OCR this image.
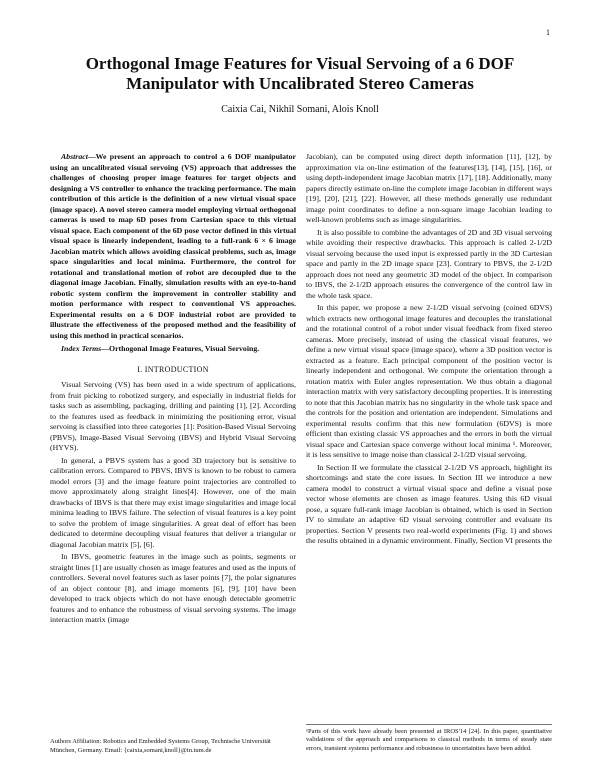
1
Orthogonal Image Features for Visual Servoing of a 6 DOF Manipulator with Uncalibrated Stereo Cameras
Caixia Cai, Nikhil Somani, Alois Knoll

Abstract—We present an approach to control a 6 DOF manipulator using an uncalibrated visual servoing (VS) approach that addresses the challenges of choosing proper image features for target objects and designing a VS controller to enhance the tracking performance. The main contribution of this article is the definition of a new virtual visual space (image space). A novel stereo camera model employing virtual orthogonal cameras is used to map 6D poses from Cartesian space to this virtual visual space. Each component of the 6D pose vector defined in this virtual visual space is linearly independent, leading to a full-rank 6 × 6 image Jacobian matrix which allows avoiding classical problems, such as, image space singularities and local minima. Furthermore, the control for rotational and translational motion of robot are decoupled due to the diagonal image Jacobian. Finally, simulation results with an eye-to-hand robotic system confirm the improvement in controller stability and motion performance with respect to conventional VS approaches. Experimental results on a 6 DOF industrial robot are provided to illustrate the effectiveness of the proposed method and the feasibility of using this method in practical scenarios.

Index Terms—Orthogonal Image Features, Visual Servoing.

I. INTRODUCTION

Visual Servoing (VS) has been used in a wide spectrum of applications, from fruit picking to robotized surgery, and especially in industrial fields for tasks such as assembling, packaging, drilling and painting [1], [2]. According to the features used as feedback in minimizing the positioning error, visual servoing is classified into three categories [1]: Position-Based Visual Servoing (PBVS), Image-Based Visual Servoing (IBVS) and Hybrid Visual Servoing (HYVS).

In general, a PBVS system has a good 3D trajectory but is sensitive to calibration errors. Compared to PBVS, IBVS is known to be robust to camera model errors [3] and the image feature point trajectories are controlled to move approximately along straight lines[4]. However, one of the main drawbacks of IBVS is that there may exist image singularities and image local minima leading to IBVS failure. The selection of visual features is a key point to solve the problem of image singularities. A great deal of effort has been dedicated to determine decoupling visual features that deliver a triangular or diagonal Jacobian matrix [5], [6].

In IBVS, geometric features in the image such as points, segments or straight lines [1] are usually chosen as image features and used as the inputs of controllers. Several novel features such as laser points [7], the polar signatures of an object contour [8], and image moments [6], [9], [10] have been developed to track objects which do not have enough detectable geometric features and to enhance the robustness of visual servoing systems. The image interaction matrix (image

Jacobian), can be computed using direct depth information [11], [12], by approximation via on-line estimation of the features[13], [14], [15], [16], or using depth-independent image Jacobian matrix [17], [18]. Additionally, many papers directly estimate on-line the complete image Jacobian in different ways [19], [20], [21], [22]. However, all these methods generally use redundant image point coordinates to define a non-square image Jacobian leading to well-known problems such as image singularities.

It is also possible to combine the advantages of 2D and 3D visual servoing while avoiding their respective drawbacks. This approach is called 2-1/2D visual servoing because the used input is expressed partly in the 3D Cartesian space and partly in the 2D image space [23]. Contrary to PBVS, the 2-1/2D approach does not need any geometric 3D model of the object. In comparison to IBVS, the 2-1/2D approach ensures the convergence of the control law in the whole task space.

In this paper, we propose a new 2-1/2D visual servoing (coined 6DVS) which extracts new orthogonal image features and decouples the translational and the rotational control of a robot under visual feedback from fixed stereo cameras. More precisely, instead of using the classical visual features, we define a new virtual visual space (image space), where a 3D position vector is extracted as a feature. Each principal component of the position vector is linearly independent and orthogonal. We compute the orientation through a rotation matrix with Euler angles representation. We thus obtain a diagonal interaction matrix with very satisfactory decoupling properties. It is interesting to note that this Jacobian matrix has no singularity in the whole task space and the controls for the position and orientation are independent. Simulations and experimental results confirm that this new formulation (6DVS) is more efficient than existing classic VS approaches and the errors in both the virtual visual space and Cartesian space converge without local minima ¹. Moreover, it is less sensitive to image noise than classical 2-1/2D visual servoing.

In Section II we formulate the classical 2-1/2D VS approach, highlight its shortcomings and state the core issues. In Section III we introduce a new camera model to construct a virtual visual space and define a visual pose vector whose elements are chosen as image features. Using this 6D visual pose, a square full-rank image Jacobian is obtained, which is used in Section IV to simulate an adaptive 6D visual servoing controller and evaluate its properties. Section V presents two real-world experiments (Fig. 1) and shows the results obtained in a dynamic environment. Finally, Section VI presents the

Authors Affiliation: Robotics and Embedded Systems Group, Technische Universität München, Germany. Email: {caixia,somani,knoll}@in.tum.de
¹Parts of this work have already been presented at IROS'14 [24]. In this paper, quantitative validations of the approach and comparisons to classical methods in terms of steady state errors, transient systems performance and robustness to uncertainties have been added.
